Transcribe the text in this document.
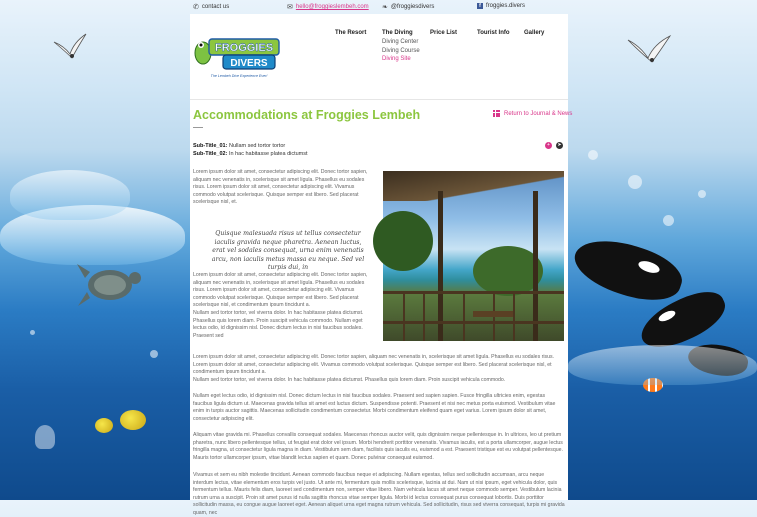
✆ contact us	✉ hello@froggieslembeh.com ❧ @froggiesdivers	f froggies.divers
FROGGIES
DIVERS
The Lembeh Dive Experience Ever!
The Resort	The Diving	Price List	Tourist Info Gallery
Diving Center
Diving Course
Diving Site
Accommodations at Froggies Lembeh	Return to Journal & News
Sub-Title_01: Nullam sed tortor tortor
Sub-Title_02: In hac habitasse platea dictumst
+	➤

Lorem ipsum dolor sit amet, consectetur adipiscing elit. Donec tortor sapien, aliquam nec venenatis in, scelerisque sit amet ligula. Phasellus eu sodales risus. Lorem ipsum dolor sit amet, consectetur adipiscing elit. Vivamus commodo volutpat scelerisque. Quisque semper est libero. Sed placerat scelerisque nisl, et.

Quisque malesuada risus ut tellus consectetur iaculis gravida neque pharetra. Aenean luctus, erat vel sodales consequat, urna enim venenatis arcu, non iaculis metus massa eu neque. Sed vel turpis dui, in

Lorem ipsum dolor sit amet, consectetur adipiscing elit. Donec tortor sapien, aliquam nec venenatis in, scelerisque sit amet ligula. Phasellus eu sodales risus. Lorem ipsum dolor sit amet, consectetur adipiscing elit. Vivamus commodo volutpat scelerisque. Quisque semper est libero. Sed placerat scelerisque nisl, et condimentum ipsum tincidunt a.

Nullam sed tortor tortor, vel viverra dolor. In hac habitasse platea dictumst. Phasellus quis lorem diam. Proin suscipit vehicula commodo. Nullam eget lectus odio, id dignissim nisl. Donec dictum lectus in nisi faucibus sodales. Praesent sed

Lorem ipsum dolor sit amet, consectetur adipiscing elit. Donec tortor sapien, aliquam nec venenatis in, scelerisque sit amet ligula. Phasellus eu sodales risus. Lorem ipsum dolor sit amet, consectetur adipiscing elit. Vivamus commodo volutpat scelerisque. Quisque semper est libero. Sed placerat scelerisque nisl, et condimentum ipsum tincidunt a.

Nullam sed tortor tortor, vel viverra dolor. In hac habitasse platea dictumst. Phasellus quis lorem diam. Proin suscipit vehicula commodo.

Nullam eget lectus odio, id dignissim nisl. Donec dictum lectus in nisi faucibus sodales. Praesent sed sapien sapien. Fusce fringilla ultricies enim, egestas faucibus ligula dictum ut. Maecenas gravida tellus sit amet est luctus dictum. Suspendisse potenti. Praesent et nisi nec metus porta euismod. Vestibulum vitae enim in turpis auctor sagittis. Maecenas sollicitudin condimentum consectetur. Morbi condimentum eleifend quam eget varius. Lorem ipsum dolor sit amet, consectetur adipiscing elit.

Aliquam vitae gravida mi. Phasellus convallis consequat sodales. Maecenas rhoncus auctor velit, quis dignissim neque pellentesque in. In ultrices, leo ut pretium pharetra, nunc libero pellentesque tellus, ut feugiat erat dolor vel ipsum. Morbi hendrerit porttitor venenatis. Vivamus iaculis, est a porta ullamcorper, augue lectus fringilla magna, ut consectetur ligula magna in diam. Vestibulum sem diam, facilisis quis iaculis eu, euismod a est. Praesent tristique est eu volutpat pellentesque. Mauris tortor ullamcorper ipsum, vitae blandit lectus sapien et quam. Donec pulvinar consequat euismod.

Vivamus et sem eu nibh molestie tincidunt. Aenean commodo faucibus neque et adipiscing. Nullam egestas, tellus sed sollicitudin accumsan, arcu neque interdum lectus, vitae elementum eros turpis vel justo. Ut ante mi, fermentum quis mollis scelerisque, lacinia at dui. Nam ut nisi ipsum, eget vehicula dolor, quis fermentum tellus. Mauris felis diam, laoreet sed condimentum non, semper vitae libero. Nam vehicula lacus sit amet neque commodo semper. Vestibulum lacinia rutrum urna a suscipit. Proin sit amet purus id nulla sagittis rhoncus vitae semper ligula. Morbi id lectus consequat purus consequat lobortis. Duis porttitor sollicitudin massa, eu congue augue laoreet eget. Aenean aliquet urna eget magna rutrum vehicula. Sed sollicitudin, risus sed viverra consequat, turpis mi gravida quam, nec
